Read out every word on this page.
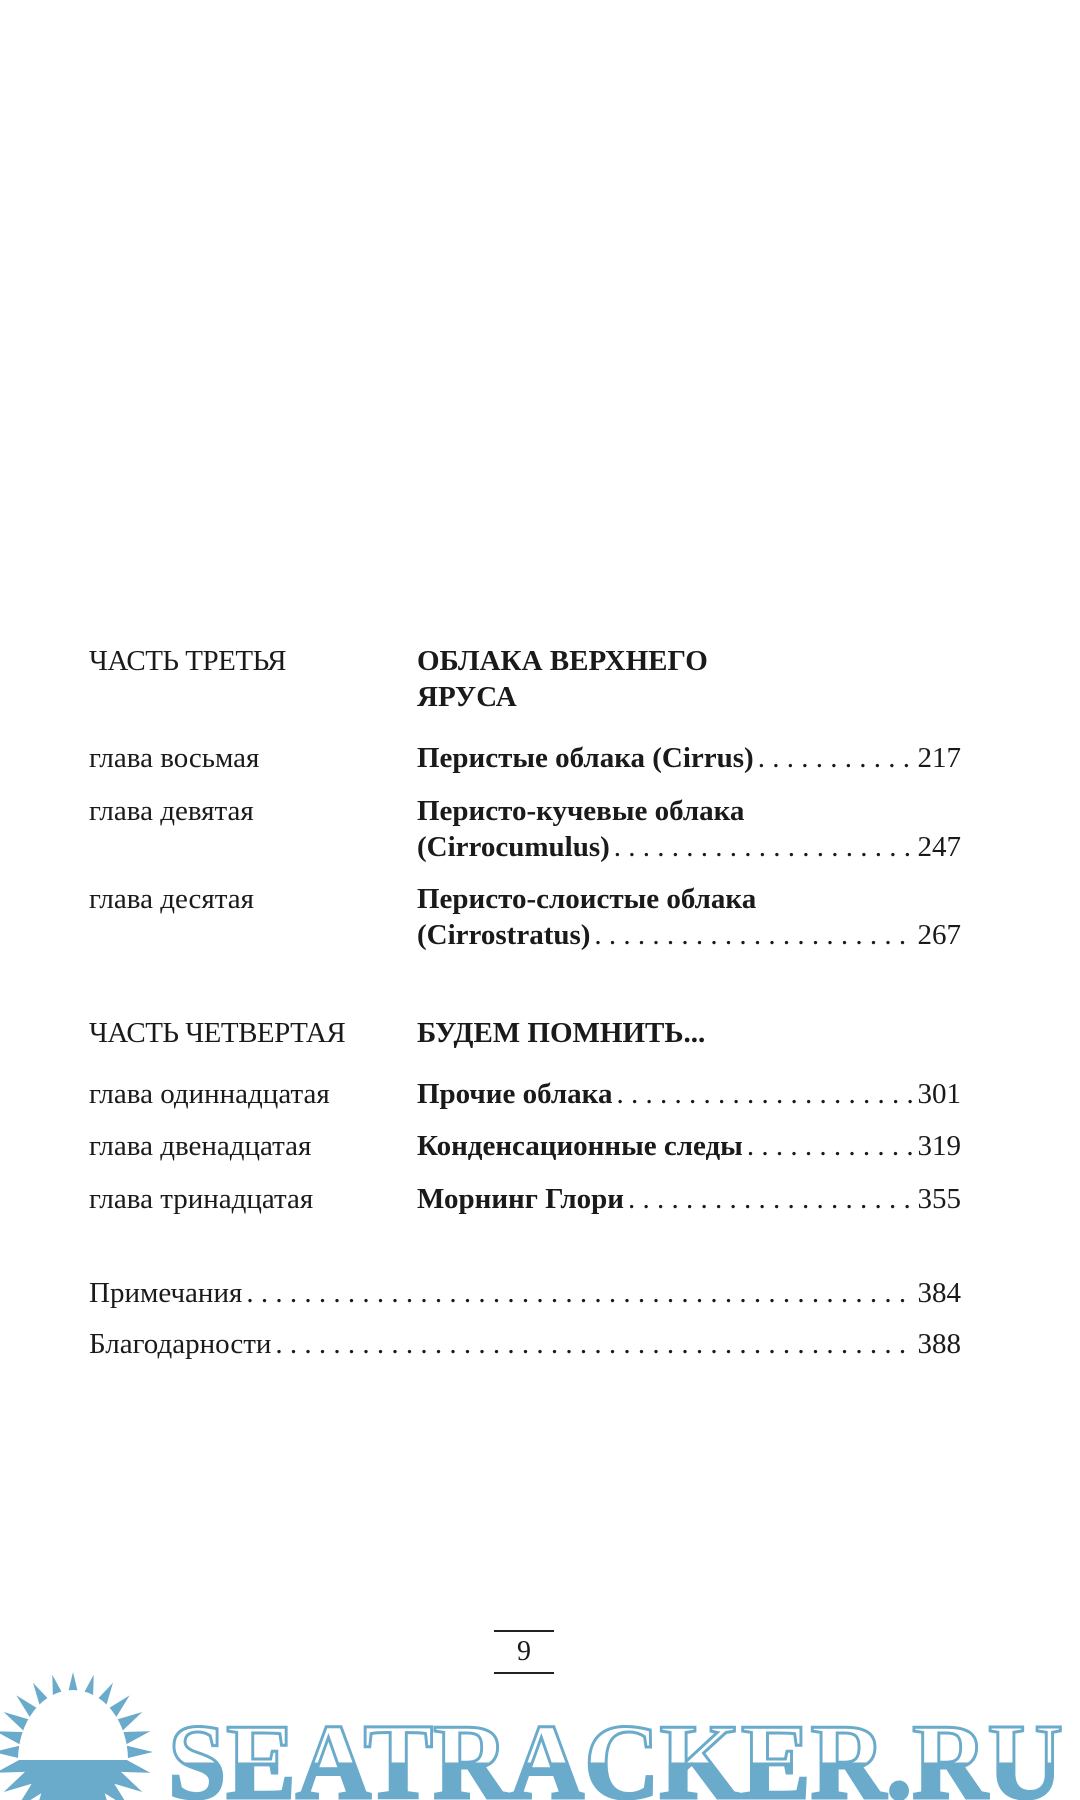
ЧАСТЬ ТРЕТЬЯ	ОБЛАКА ВЕРХНЕГО
ЯРУСА
глава восьмая	Перистые облака (Cirrus) . . .	217
глава девятая	Перисто-кучевые облака
(Cirrocumulus) . . .	247
глава десятая	Перисто-слоистые облака
(Cirrostratus) . . .	267
ЧАСТЬ ЧЕТВЕРТАЯ	БУДЕМ ПОМНИТЬ...
глава одиннадцатая	Прочие облака . . .	301
глава двенадцатая	Конденсационные следы . . .	319
глава тринадцатая	Морнинг Глори . . .	355
Примечания . . .	384
Благодарности . . .	388
SEATRACKER.RU
9
